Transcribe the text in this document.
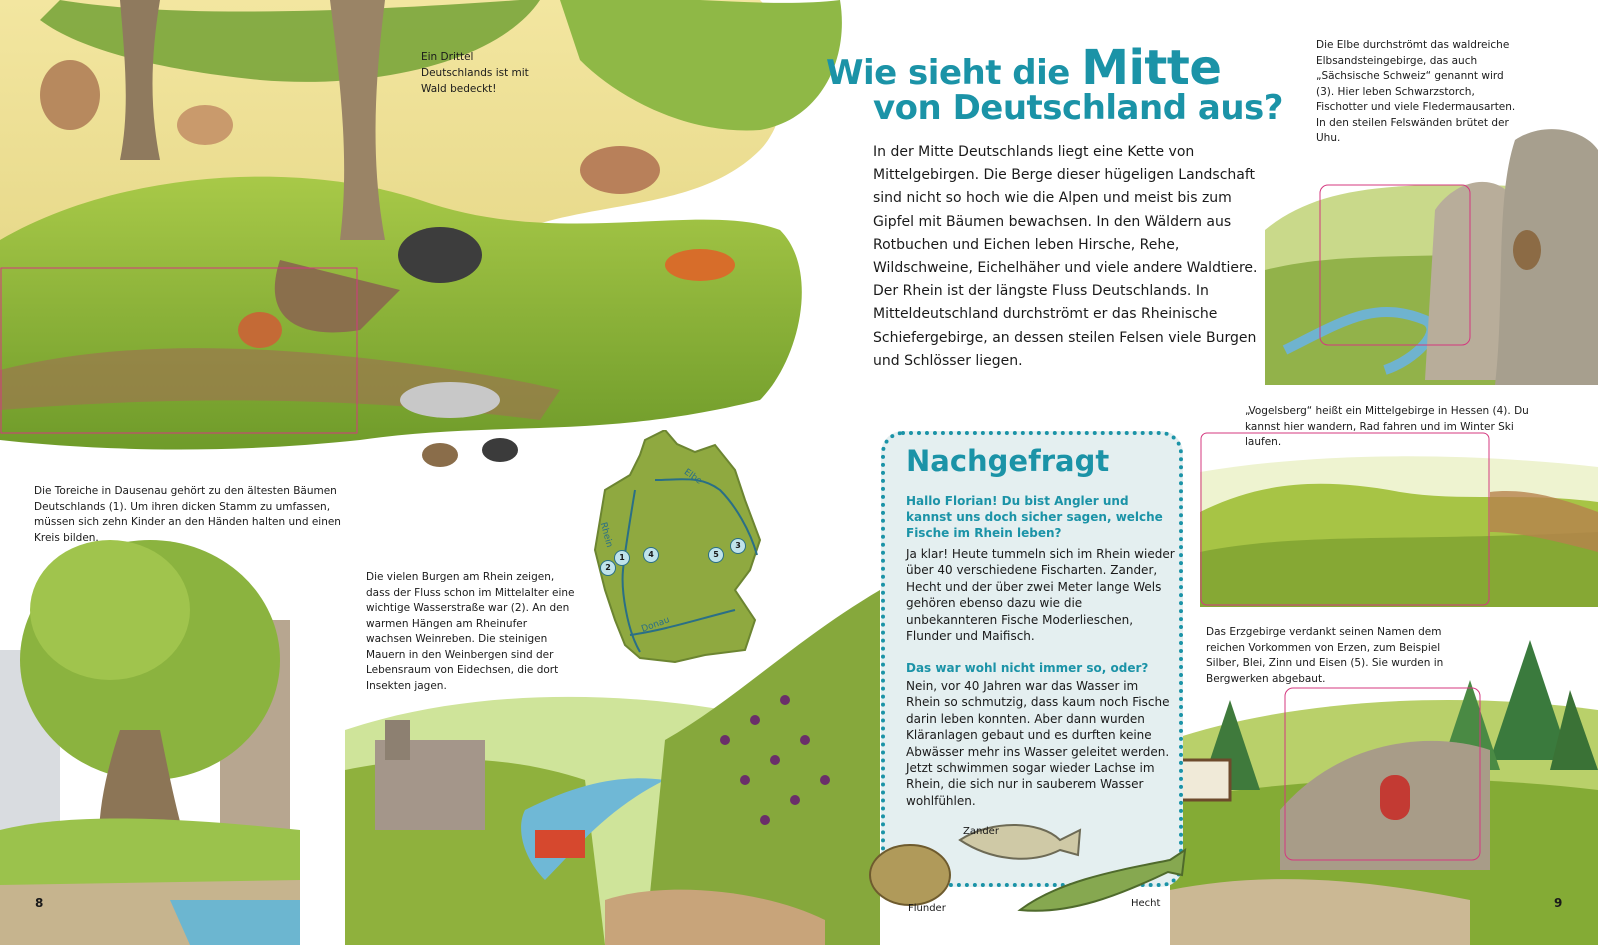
Wie sieht die Mitte
von Deutschland aus?

In der Mitte Deutschlands liegt eine Kette von Mittelgebirgen. Die Berge dieser hügeligen Landschaft sind nicht so hoch wie die Alpen und meist bis zum Gipfel mit Bäumen bewachsen. In den Wäldern aus Rotbuchen und Eichen leben Hirsche, Rehe, Wildschweine, Eichelhäher und viele andere Waldtiere. Der Rhein ist der längste Fluss Deutschlands. In Mitteldeutschland durchströmt er das Rheinische Schiefergebirge, an dessen steilen Felsen viele Burgen und Schlösser liegen.

Ein Drittel Deutschlands ist mit Wald bedeckt!
Die Toreiche in Dausenau gehört zu den ältesten Bäumen Deutschlands (1). Um ihren dicken Stamm zu umfassen, müssen sich zehn Kinder an den Händen halten und einen Kreis bilden.
Die vielen Burgen am Rhein zeigen, dass der Fluss schon im Mittelalter eine wichtige Wasserstraße war (2). An den warmen Hängen am Rheinufer wachsen Weinreben. Die steinigen Mauern in den Weinbergen sind der Lebensraum von Eidechsen, die dort Insekten jagen.
Die Elbe durchströmt das waldreiche Elbsandsteingebirge, das auch „Sächsische Schweiz“ genannt wird (3). Hier leben Schwarzstorch, Fischotter und viele Fledermausarten. In den steilen Felswänden brütet der Uhu.
„Vogelsberg“ heißt ein Mittelgebirge in Hessen (4). Du kannst hier wandern, Rad fahren und im Winter Ski laufen.
Das Erzgebirge verdankt seinen Namen dem reichen Vorkommen von Erzen, zum Beispiel Silber, Blei, Zinn und Eisen (5). Sie wurden in Bergwerken abgebaut.
Elbe
Rhein
Donau
1
2
4	5
3
Nachgefragt
Hallo Florian! Du bist Angler und kannst uns doch sicher sagen, welche Fische im Rhein leben?
Ja klar! Heute tummeln sich im Rhein wieder über 40 verschiedene Fischarten. Zander, Hecht und der über zwei Meter lange Wels gehören ebenso dazu wie die unbekannteren Fische Moderlieschen, Flunder und Maifisch.
Das war wohl nicht immer so, oder?
Nein, vor 40 Jahren war das Wasser im Rhein so schmutzig, dass kaum noch Fische darin leben konnten. Aber dann wurden Kläranlagen gebaut und es durften keine Abwässer mehr ins Wasser geleitet werden. Jetzt schwimmen sogar wieder Lachse im Rhein, die sich nur in sauberem Wasser wohlfühlen.
Zander
Flunder	Hecht
8	9
